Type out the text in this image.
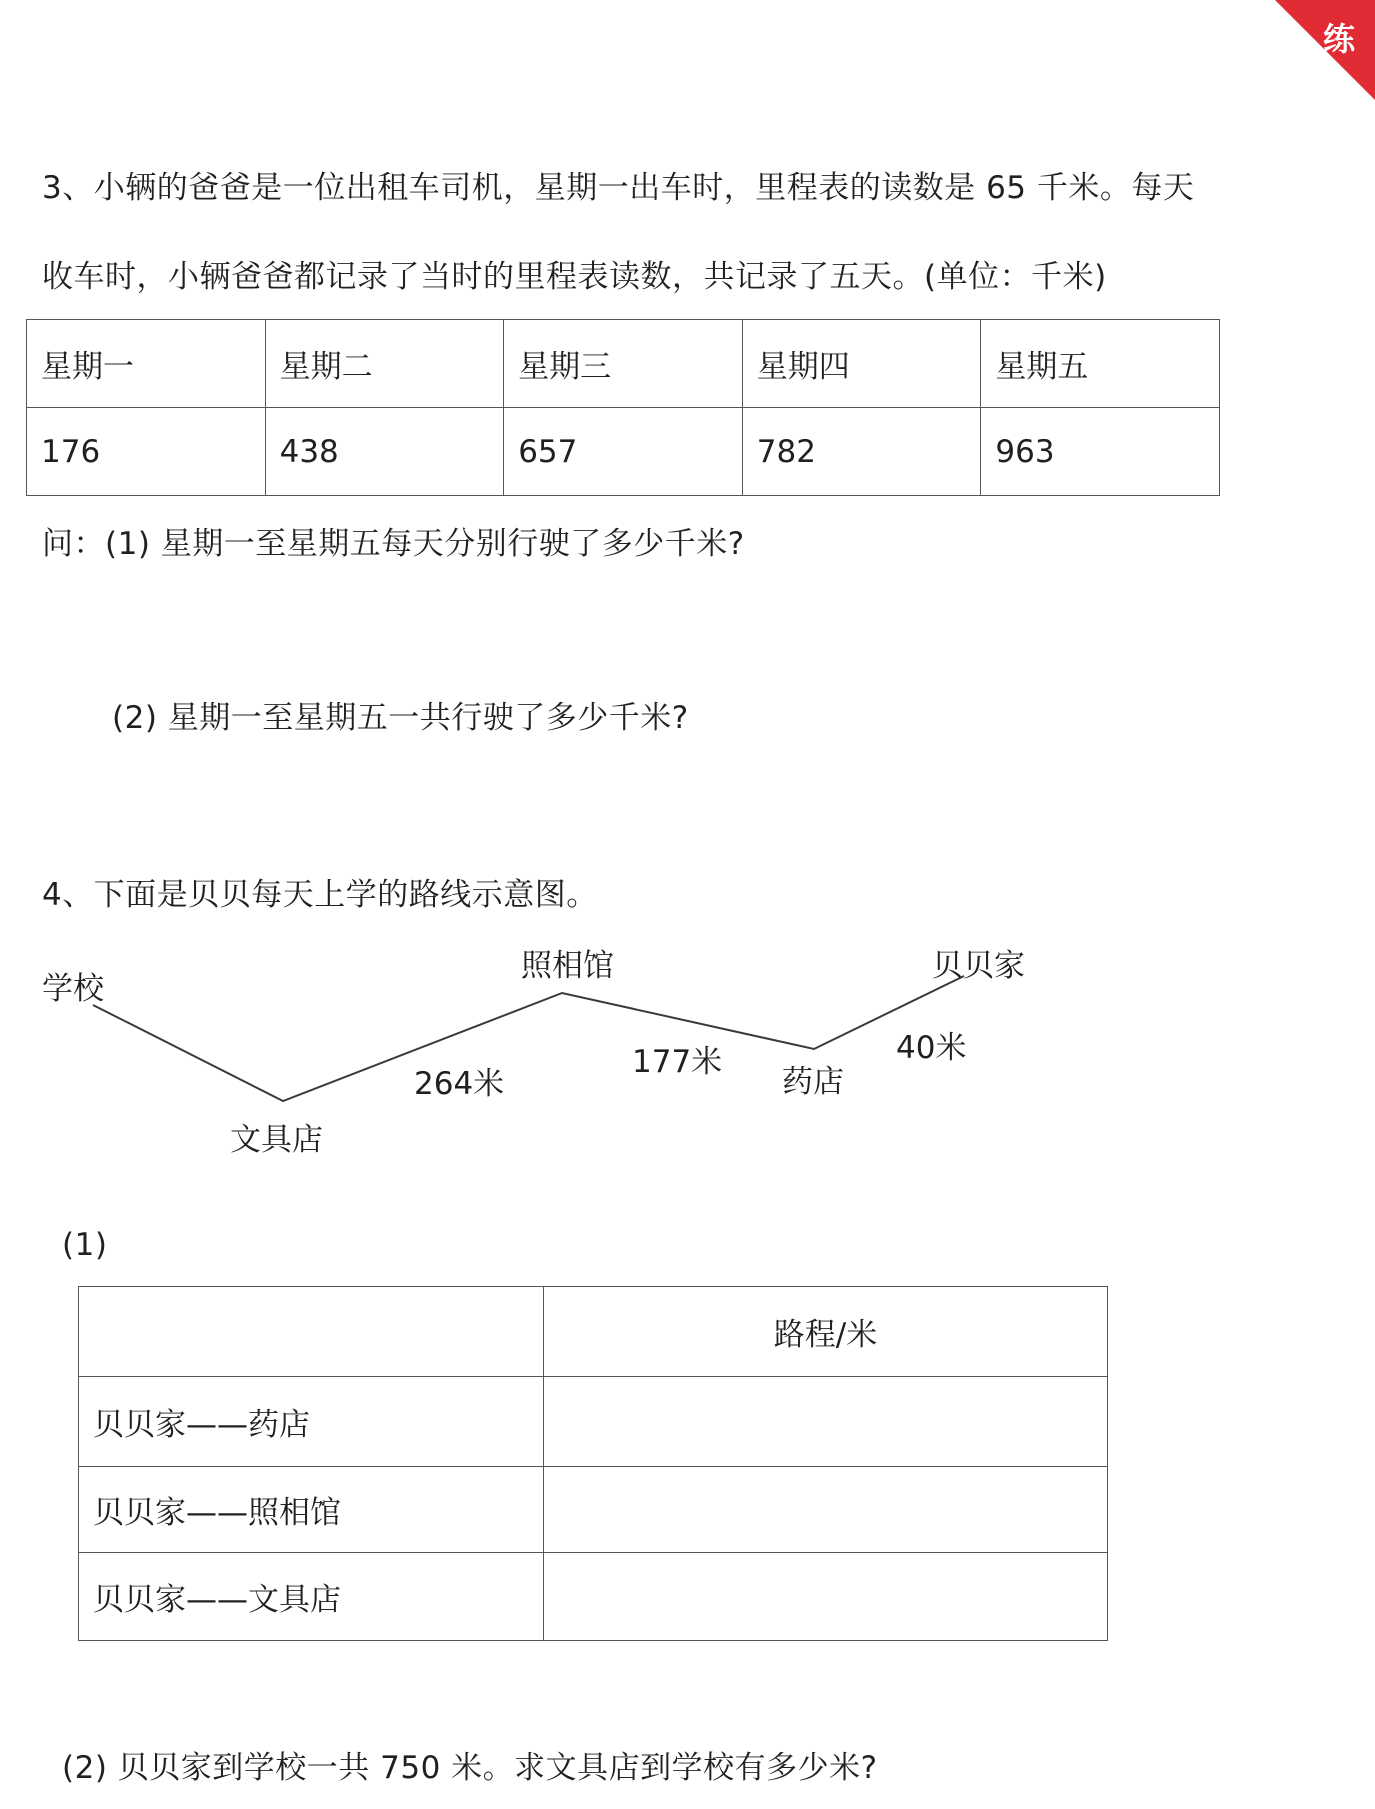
练
3、小辆的爸爸是一位出租车司机，星期一出车时，里程表的读数是 65 千米。每天
收车时，小辆爸爸都记录了当时的里程表读数，共记录了五天。(单位：千米)
星期一	星期二	星期三	星期四	星期五
176	438	657	782	963
问：(1) 星期一至星期五每天分别行驶了多少千米?
(2) 星期一至星期五一共行驶了多少千米?
4、下面是贝贝每天上学的路线示意图。
学校
文具店
照相馆
药店
贝贝家
264米
177米	40米
(1)
	路程/米
贝贝家——药店	
贝贝家——照相馆	
贝贝家——文具店	
(2) 贝贝家到学校一共 750 米。求文具店到学校有多少米?
